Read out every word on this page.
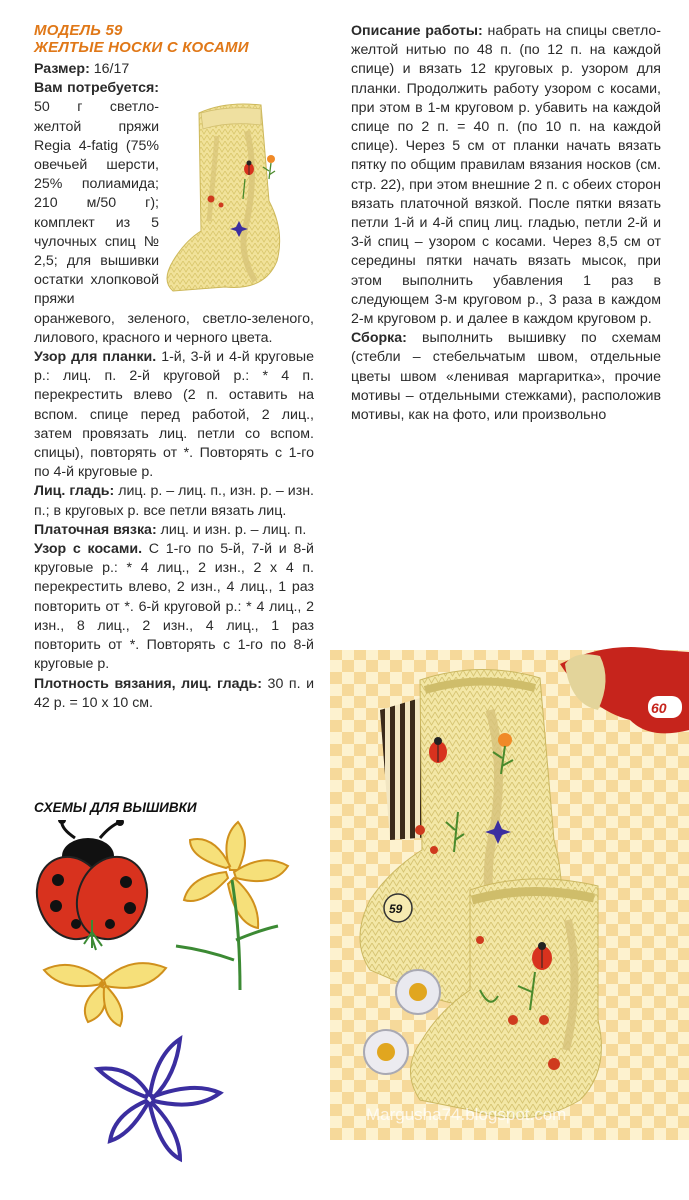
МОДЕЛЬ 59
ЖЕЛТЫЕ НОСКИ С КОСАМИ

Размер: 16/17

Вам потребуется: 50 г светло-желтой пряжи Regia 4-fatig (75% овечьей шерсти, 25% полиамида; 210 м/50 г); комплект из 5 чулочных спиц № 2,5; для вышивки остатки хлопковой пряжи оранжевого, зеленого, светло-зеленого, лилового, красного и черного цвета.

Узор для планки. 1-й, 3-й и 4-й круговые р.: лиц. п. 2-й круговой р.: * 4 п. перекрестить влево (2 п. оставить на вспом. спице перед работой, 2 лиц., затем провязать лиц. петли со вспом. спицы), повторять от *. Повторять с 1-го по 4-й круговые р.

Лиц. гладь: лиц. р. – лиц. п., изн. р. – изн. п.; в круговых р. все петли вязать лиц.

Платочная вязка: лиц. и изн. р. – лиц. п.

Узор с косами. С 1-го по 5-й, 7-й и 8-й круговые р.: * 4 лиц., 2 изн., 2 х 4 п. перекрестить влево, 2 изн., 4 лиц., 1 раз повторить от *. 6-й круговой р.: * 4 лиц., 2 изн., 8 лиц., 2 изн., 4 лиц., 1 раз повторить от *. Повторять с 1-го по 8-й круговые р.

Плотность вязания, лиц. гладь: 30 п. и 42 р. = 10 х 10 см.

Описание работы: набрать на спицы светло-желтой нитью по 48 п. (по 12 п. на каждой спице) и вязать 12 круговых р. узором для планки. Продолжить работу узором с косами, при этом в 1-м круговом р. убавить на каждой спице по 2 п. = 40 п. (по 10 п. на каждой спице). Через 5 см от планки начать вязать пятку по общим правилам вязания носков (см. стр. 22), при этом внешние 2 п. с обеих сторон вязать платочной вязкой. После пятки вязать петли 1-й и 4-й спиц лиц. гладью, петли 2-й и 3-й спиц – узором с косами. Через 8,5 см от середины пятки начать вязать мысок, при этом выполнить убавления 1 раз в следующем 3-м круговом р., 3 раза в каждом 2-м круговом р. и далее в каждом круговом р.

Сборка: выполнить вышивку по схемам (стебли – стебельчатым швом, отдельные цветы швом «ленивая маргаритка», прочие мотивы – отдельными стежками), расположив мотивы, как на фото, или произвольно

СХЕМЫ ДЛЯ ВЫШИВКИ
60
59
Margusha74.blogspot.com
